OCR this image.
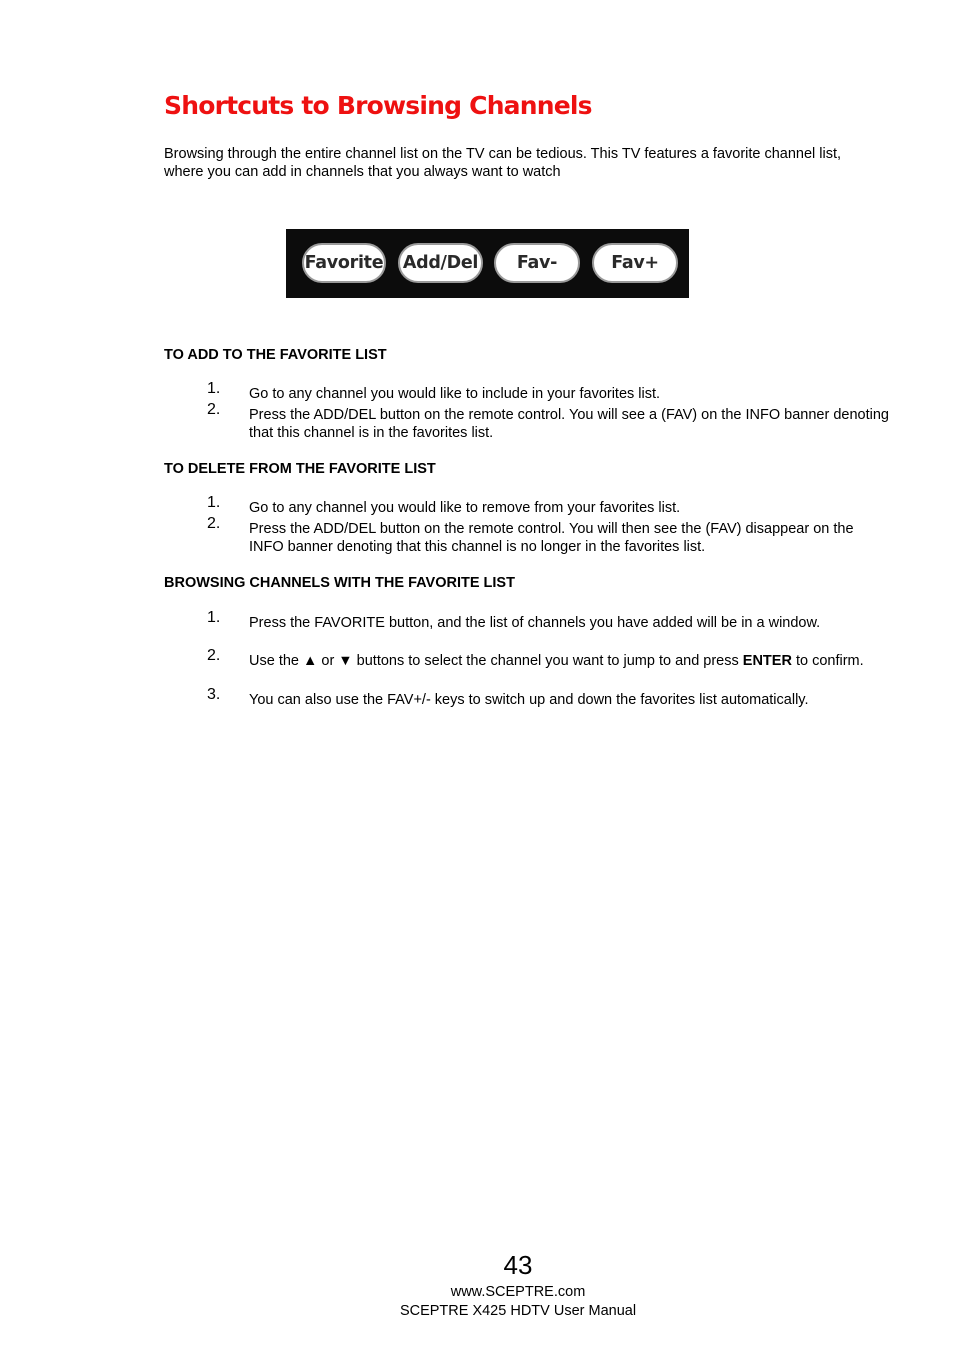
Shortcuts to Browsing Channels

Browsing through the entire channel list on the TV can be tedious. This TV features a favorite channel list, where you can add in channels that you always want to watch

Favorite Add/Del	Fav-	Fav+
TO ADD TO THE FAVORITE LIST
1. Go to any channel you would like to include in your favorites list.
2. Press the ADD/DEL button on the remote control. You will see a (FAV) on the INFO banner denoting that this channel is in the favorites list.
TO DELETE FROM THE FAVORITE LIST
1. Go to any channel you would like to remove from your favorites list.
2. Press the ADD/DEL button on the remote control. You will then see the (FAV) disappear on the INFO banner denoting that this channel is no longer in the favorites list.
BROWSING CHANNELS WITH THE FAVORITE LIST
1. Press the FAVORITE button, and the list of channels you have added will be in a window.
2. Use the ▲ or ▼ buttons to select the channel you want to jump to and press ENTER to confirm.
3. You can also use the FAV+/- keys to switch up and down the favorites list automatically.
43
www.SCEPTRE.com
SCEPTRE X425 HDTV User Manual
